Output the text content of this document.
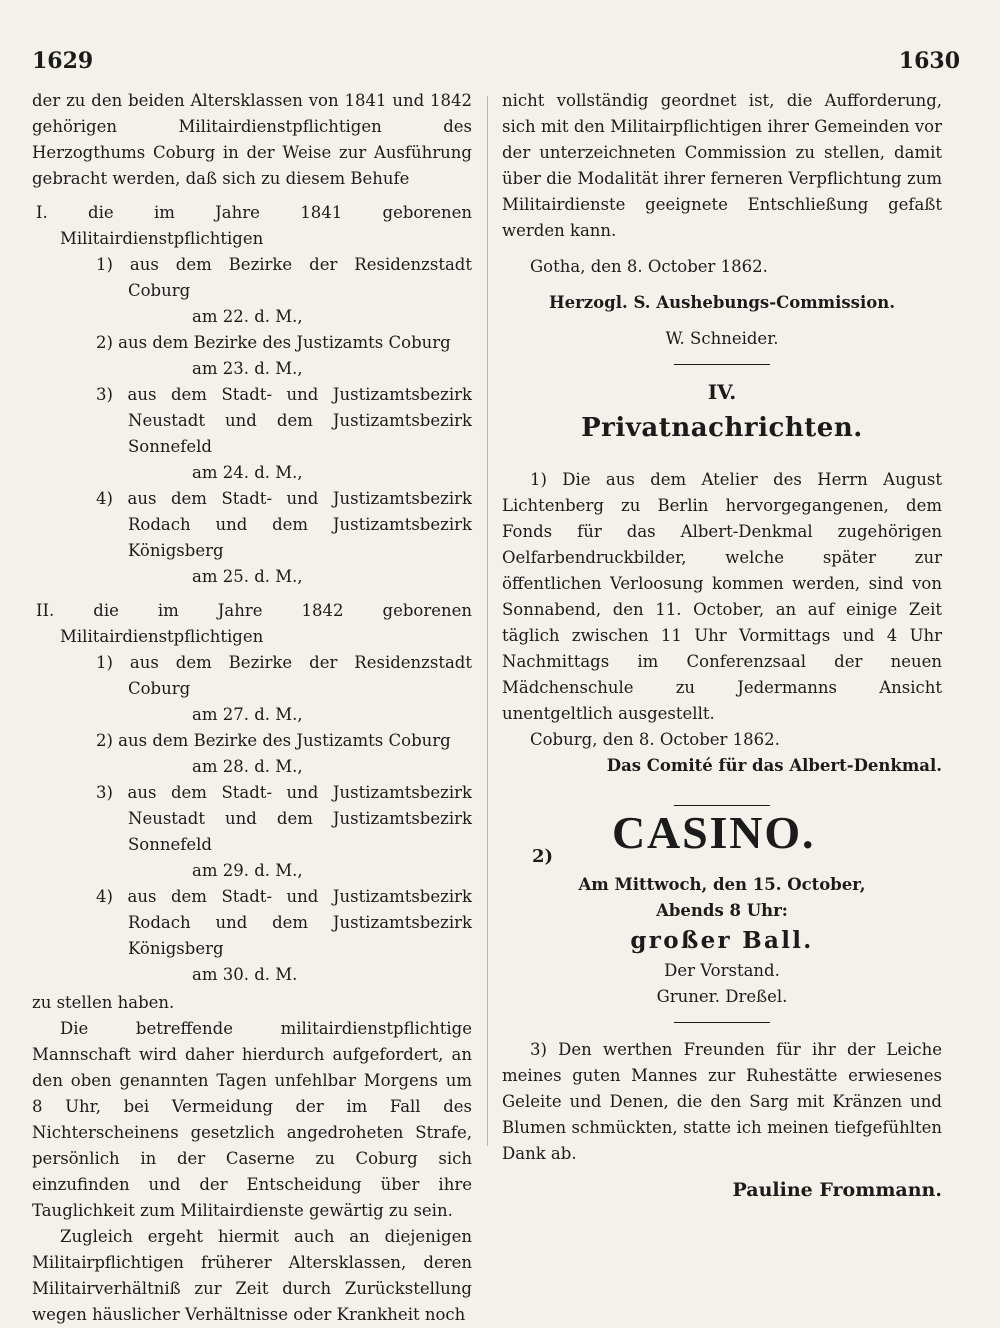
1629	1630

der zu den beiden Altersklassen von 1841 und 1842 gehörigen Militairdienstpflichtigen des Herzogthums Coburg in der Weise zur Ausführung gebracht werden, daß sich zu diesem Behufe

I. die im Jahre 1841 geborenen Militairdienstpflichtigen

1) aus dem Bezirke der Residenzstadt Coburg

am 22. d. M.,

2) aus dem Bezirke des Justizamts Coburg

am 23. d. M.,

3) aus dem Stadt- und Justizamtsbezirk Neustadt und dem Justizamtsbezirk Sonnefeld

am 24. d. M.,

4) aus dem Stadt- und Justizamtsbezirk Rodach und dem Justizamtsbezirk Königsberg

am 25. d. M.,

II. die im Jahre 1842 geborenen Militairdienstpflichtigen

1) aus dem Bezirke der Residenzstadt Coburg

am 27. d. M.,

2) aus dem Bezirke des Justizamts Coburg

am 28. d. M.,

3) aus dem Stadt- und Justizamtsbezirk Neustadt und dem Justizamtsbezirk Sonnefeld

am 29. d. M.,

4) aus dem Stadt- und Justizamtsbezirk Rodach und dem Justizamtsbezirk Königsberg

am 30. d. M.

zu stellen haben.

Die betreffende militairdienstpflichtige Mannschaft wird daher hierdurch aufgefordert, an den oben genannten Tagen unfehlbar Morgens um 8 Uhr, bei Vermeidung der im Fall des Nichterscheinens gesetzlich angedroheten Strafe, persönlich in der Caserne zu Coburg sich einzufinden und der Entscheidung über ihre Tauglichkeit zum Militairdienste gewärtig zu sein.

Zugleich ergeht hiermit auch an diejenigen Militairpflichtigen früherer Altersklassen, deren Militairverhältniß zur Zeit durch Zurückstellung wegen häuslicher Verhältnisse oder Krankheit noch

nicht vollständig geordnet ist, die Aufforderung, sich mit den Militairpflichtigen ihrer Gemeinden vor der unterzeichneten Commission zu stellen, damit über die Modalität ihrer ferneren Verpflichtung zum Militairdienste geeignete Entschließung gefaßt werden kann.

Gotha, den 8. October 1862.

Herzogl. S. Aushebungs-Commission.

W. Schneider.

IV.

Privatnachrichten.

1) Die aus dem Atelier des Herrn August Lichtenberg zu Berlin hervorgegangenen, dem Fonds für das Albert-Denkmal zugehörigen Oelfarbendruckbilder, welche später zur öffentlichen Verloosung kommen werden, sind von Sonnabend, den 11. October, an auf einige Zeit täglich zwischen 11 Uhr Vormittags und 4 Uhr Nachmittags im Conferenzsaal der neuen Mädchenschule zu Jedermanns Ansicht unentgeltlich ausgestellt.

Coburg, den 8. October 1862.

Das Comité für das Albert-Denkmal.

2) CASINO.

Am Mittwoch, den 15. October,

Abends 8 Uhr:

großer Ball.

Der Vorstand.

Gruner. Dreßel.

3) Den werthen Freunden für ihr der Leiche meines guten Mannes zur Ruhestätte erwiesenes Geleite und Denen, die den Sarg mit Kränzen und Blumen schmückten, statte ich meinen tiefgefühlten Dank ab.

Pauline Frommann.
